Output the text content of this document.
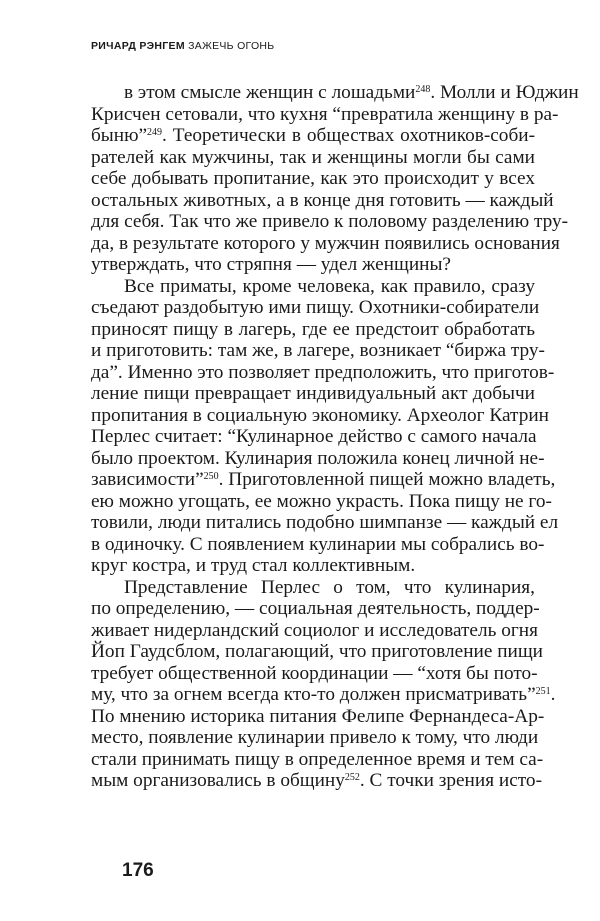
РИЧАРД РЭНГЕМ ЗАЖЕЧЬ ОГОНЬ
в этом смысле женщин с лошадьми$^{248}$. Молли и Юджин
Крисчен сетовали, что кухня “превратила женщину в ра-
быню”$^{249}$. Теоретически в обществах охотников-соби-
рателей как мужчины, так и женщины могли бы сами
себе добывать пропитание, как это происходит у всех
остальных животных, а в конце дня готовить — каждый
для себя. Так что же привело к половому разделению тру-
да, в результате которого у мужчин появились основания
утверждать, что стряпня — удел женщины?
Все приматы, кроме человека, как правило, сразу
съедают раздобытую ими пищу. Охотники-собиратели
приносят пищу в лагерь, где ее предстоит обработать
и приготовить: там же, в лагере, возникает “биржа тру-
да”. Именно это позволяет предположить, что приготов-
ление пищи превращает индивидуальный акт добычи
пропитания в социальную экономику. Археолог Катрин
Перлес считает: “Кулинарное действо с самого начала
было проектом. Кулинария положила конец личной не-
зависимости”$^{250}$. Приготовленной пищей можно владеть,
ею можно угощать, ее можно украсть. Пока пищу не го-
товили, люди питались подобно шимпанзе — каждый ел
в одиночку. С появлением кулинарии мы собрались во-
круг костра, и труд стал коллективным.
Представление Перлес о том, что кулинария,
по определению, — социальная деятельность, поддер-
живает нидерландский социолог и исследователь огня
Йоп Гаудсблом, полагающий, что приготовление пищи
требует общественной координации — “хотя бы пото-
му, что за огнем всегда кто-то должен присматривать”$^{251}$.
По мнению историка питания Фелипе Фернандеса-Ар-
место, появление кулинарии привело к тому, что люди
стали принимать пищу в определенное время и тем са-
мым организовались в общину$^{252}$. С точки зрения исто-
176
